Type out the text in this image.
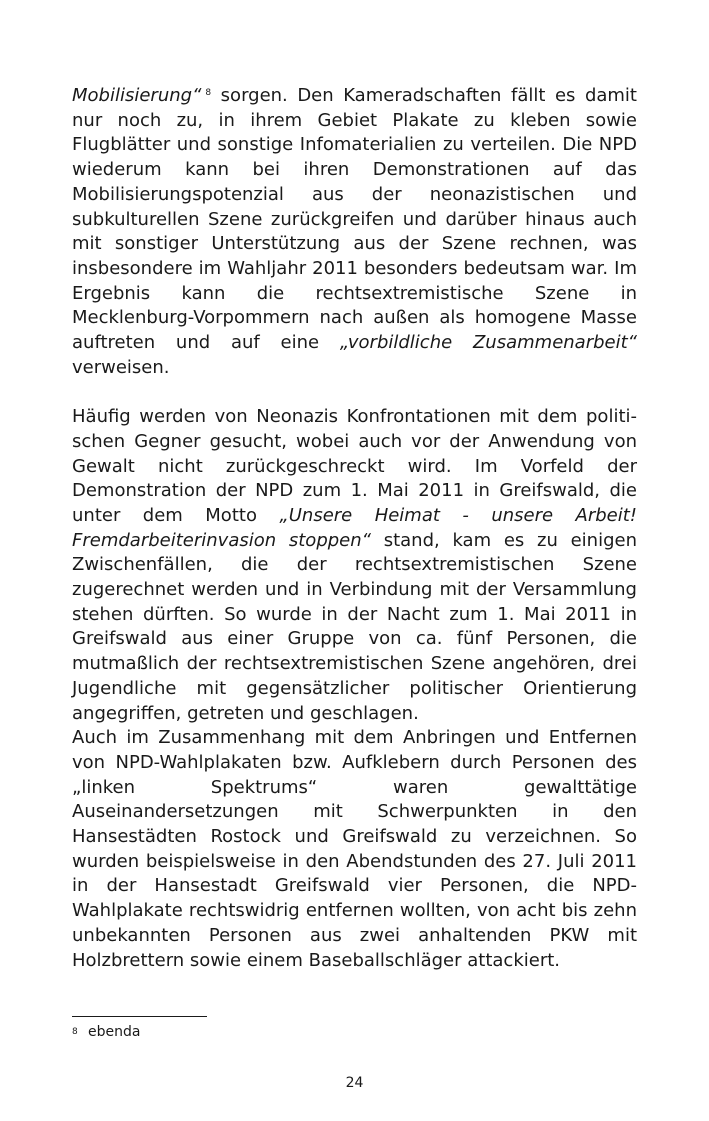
Mobilisierung“ $^8$ sorgen. Den Kameradschaften fällt es damit nur noch zu, in ihrem Gebiet Plakate zu kleben sowie Flugblätter und sonstige Infomaterialien zu verteilen. Die NPD wiederum kann bei ihren Demonstrationen auf das Mobilisierungspotenzial aus der neonazistischen und subkulturellen Szene zurückgreifen und darüber hinaus auch mit sonstiger Unterstützung aus der Szene rechnen, was insbesondere im Wahljahr 2011 besonders bedeutsam war. Im Ergebnis kann die rechtsextremistische Szene in Mecklenburg-Vorpommern nach außen als homogene Masse auftreten und auf eine „vorbildliche Zusammenarbeit“ verweisen.

Häufig werden von Neonazis Konfrontationen mit dem politischen Gegner gesucht, wobei auch vor der Anwendung von Gewalt nicht zurückgeschreckt wird. Im Vorfeld der Demonstration der NPD zum 1. Mai 2011 in Greifswald, die unter dem Motto „Unsere Heimat - unsere Arbeit! Fremdarbeiterinvasion stoppen“ stand, kam es zu einigen Zwischenfällen, die der rechtsextremistischen Szene zugerechnet werden und in Verbindung mit der Versammlung stehen dürften. So wurde in der Nacht zum 1. Mai 2011 in Greifswald aus einer Gruppe von ca. fünf Personen, die mutmaßlich der rechtsextremistischen Szene angehören, drei Jugendliche mit gegensätzlicher politischer Orientierung angegriffen, getreten und geschlagen.

Auch im Zusammenhang mit dem Anbringen und Entfernen von NPD-Wahlplakaten bzw. Aufklebern durch Personen des „linken Spektrums“ waren gewalttätige Auseinandersetzungen mit Schwerpunkten in den Hansestädten Rostock und Greifswald zu verzeichnen. So wurden beispielsweise in den Abendstunden des 27. Juli 2011 in der Hansestadt Greifswald vier Personen, die NPD-Wahlplakate rechtswidrig entfernen wollten, von acht bis zehn unbekannten Personen aus zwei anhaltenden PKW mit Holzbrettern sowie einem Baseballschläger attackiert.

8 ebenda
24
